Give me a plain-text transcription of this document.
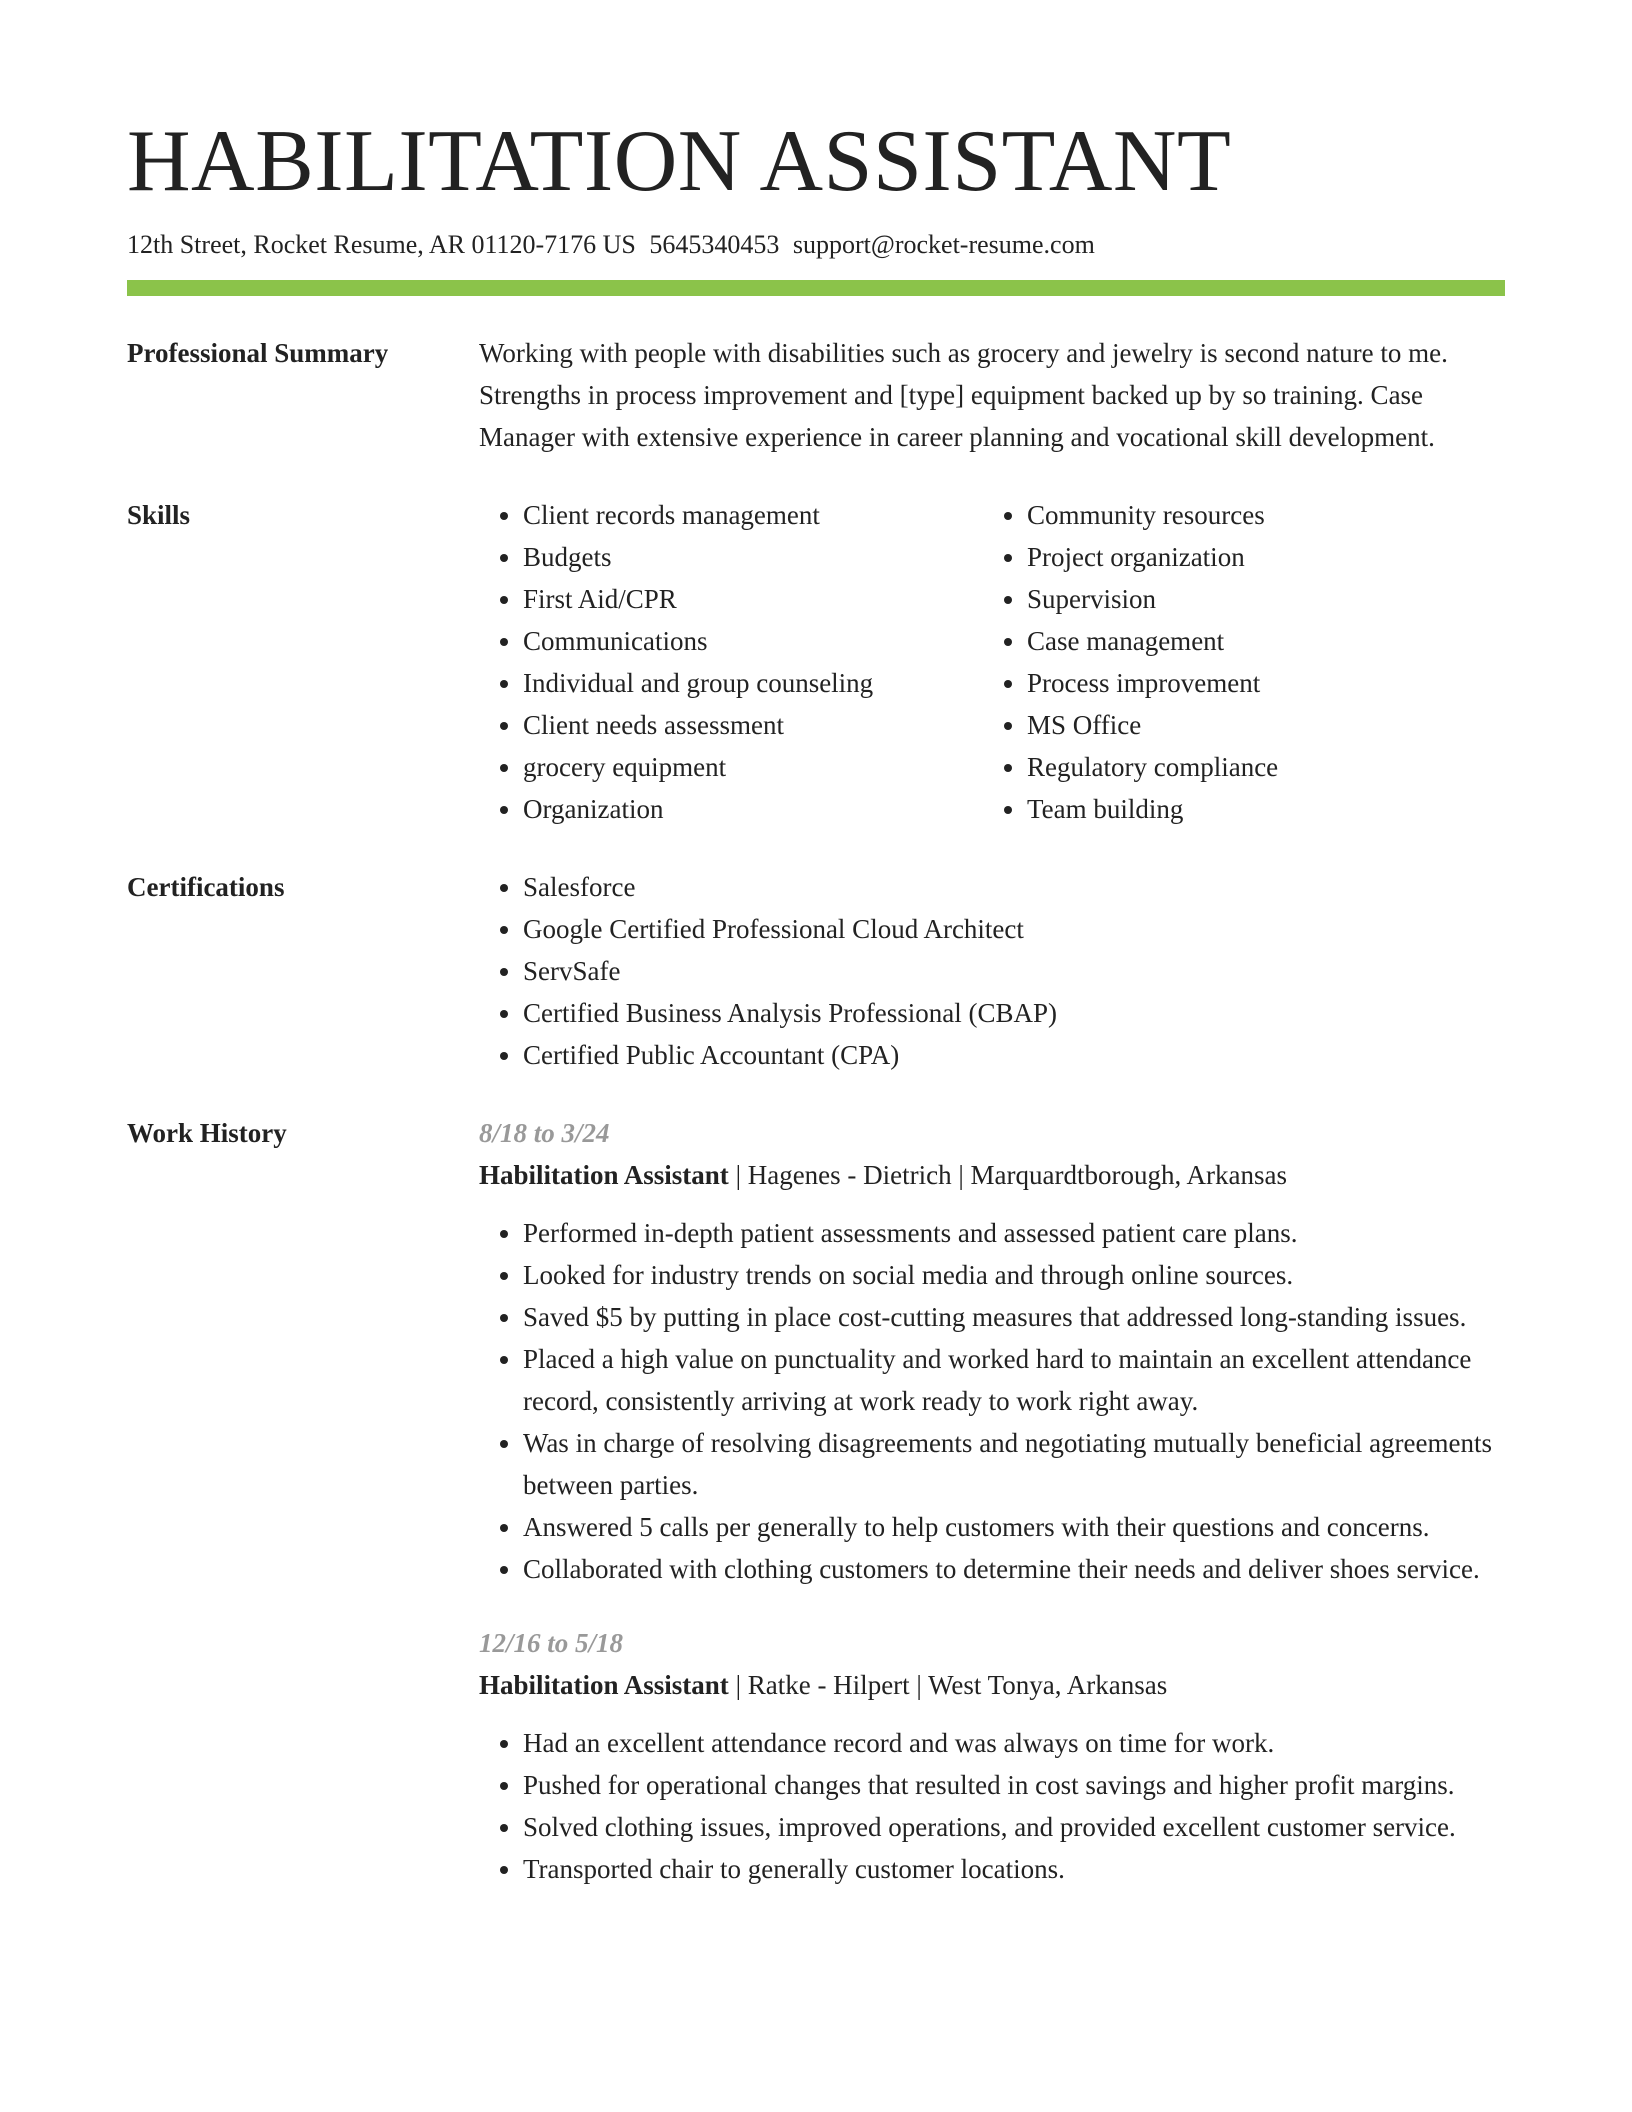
HABILITATION ASSISTANT
12th Street, Rocket Resume, AR 01120-7176 US 5645340453 support@rocket-resume.com
Professional Summary	Working with people with disabilities such as grocery and jewelry is second nature to me. Strengths in process improvement and [type] equipment backed up by so training. Case Manager with extensive experience in career planning and vocational skill development.

Skills	• Client records management
• Budgets
• First Aid/CPR
• Communications
• Individual and group counseling
• Client needs assessment
• grocery equipment
• Organization
• Community resources
• Project organization
• Supervision
• Case management
• Process improvement
• MS Office
• Regulatory compliance
• Team building
Certifications	• Salesforce
• Google Certified Professional Cloud Architect
• ServSafe
• Certified Business Analysis Professional (CBAP)
• Certified Public Accountant (CPA)
Work History	8/18 to 3/24
Habilitation Assistant | Hagenes - Dietrich | Marquardtborough, Arkansas
• Performed in-depth patient assessments and assessed patient care plans.
• Looked for industry trends on social media and through online sources.
• Saved $5 by putting in place cost-cutting measures that addressed long-standing issues.
• Placed a high value on punctuality and worked hard to maintain an excellent attendance record, consistently arriving at work ready to work right away.
• Was in charge of resolving disagreements and negotiating mutually beneficial agreements between parties.
• Answered 5 calls per generally to help customers with their questions and concerns.
• Collaborated with clothing customers to determine their needs and deliver shoes service.
12/16 to 5/18
Habilitation Assistant | Ratke - Hilpert | West Tonya, Arkansas
• Had an excellent attendance record and was always on time for work.
• Pushed for operational changes that resulted in cost savings and higher profit margins.
• Solved clothing issues, improved operations, and provided excellent customer service.
• Transported chair to generally customer locations.
